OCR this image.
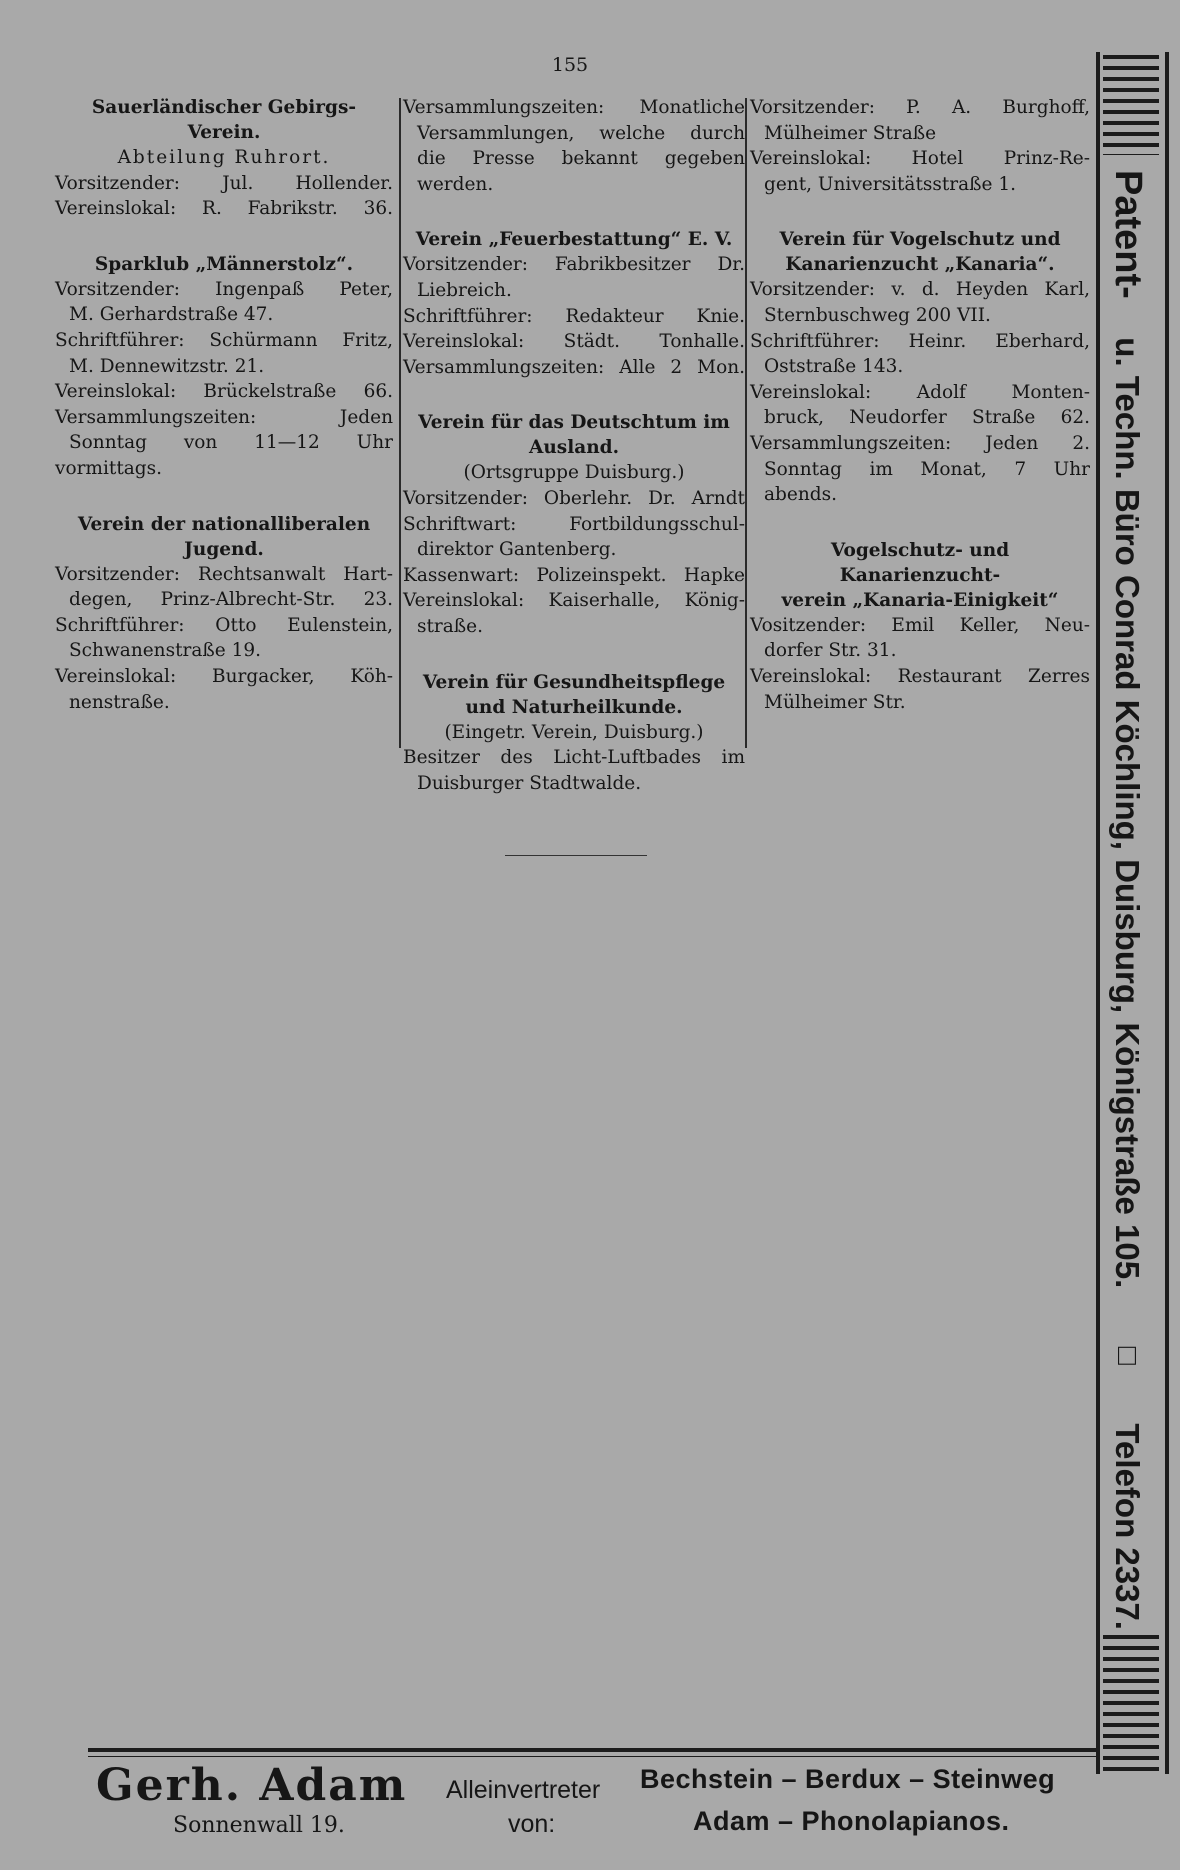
155
Sauerländischer Gebirgs-
Verein.
Abteilung Ruhrort.
Vorsitzender: Jul. Hollender.
Vereinslokal: R. Fabrikstr. 36.
Sparklub „Männerstolz“.
Vorsitzender: Ingenpaß Peter,
M. Gerhardstraße 47.
Schriftführer: Schürmann Fritz,
M. Dennewitzstr. 21.
Vereinslokal: Brückelstraße 66.
Versammlungszeiten: Jeden
Sonntag von 11—12 Uhr
vormittags.
Verein der nationalliberalen
Jugend.
Vorsitzender: Rechtsanwalt Hart-
degen, Prinz-Albrecht-Str. 23.
Schriftführer: Otto Eulenstein,
Schwanenstraße 19.
Vereinslokal: Burgacker, Köh-
nenstraße.
Versammlungszeiten: Monatliche
Versammlungen, welche durch
die Presse bekannt gegeben
werden.
Verein „Feuerbestattung“ E. V.
Vorsitzender: Fabrikbesitzer Dr.
Liebreich.
Schriftführer: Redakteur Knie.
Vereinslokal: Städt. Tonhalle.
Versammlungszeiten: Alle 2 Mon.
Verein für das Deutschtum im
Ausland.
(Ortsgruppe Duisburg.)
Vorsitzender: Oberlehr. Dr. Arndt
Schriftwart: Fortbildungsschul-
direktor Gantenberg.
Kassenwart: Polizeinspekt. Hapke
Vereinslokal: Kaiserhalle, König-
straße.
Verein für Gesundheitspflege
und Naturheilkunde.
(Eingetr. Verein, Duisburg.)
Besitzer des Licht-Luftbades im
Duisburger Stadtwalde.
Vorsitzender: P. A. Burghoff,
Mülheimer Straße
Vereinslokal: Hotel Prinz-Re-
gent, Universitätsstraße 1.
Verein für Vogelschutz und
Kanarienzucht „Kanaria“.
Vorsitzender: v. d. Heyden Karl,
Sternbuschweg 200 VII.
Schriftführer: Heinr. Eberhard,
Oststraße 143.
Vereinslokal: Adolf Monten-
bruck, Neudorfer Straße 62.
Versammlungszeiten: Jeden 2.
Sonntag im Monat, 7 Uhr
abends.
Vogelschutz- und Kanarienzucht-
verein „Kanaria-Einigkeit“
Vositzender: Emil Keller, Neu-
dorfer Str. 31.
Vereinslokal: Restaurant Zerres
Mülheimer Str.
Patent-
u. Techn. Büro Conrad Köchling, Duisburg, Königstraße 105.
□
Telefon 2337.
Gerh. Adam
Sonnenwall 19.
Alleinvertreter
von:
Bechstein – Berdux – Steinweg
Adam – Phonolapianos.
